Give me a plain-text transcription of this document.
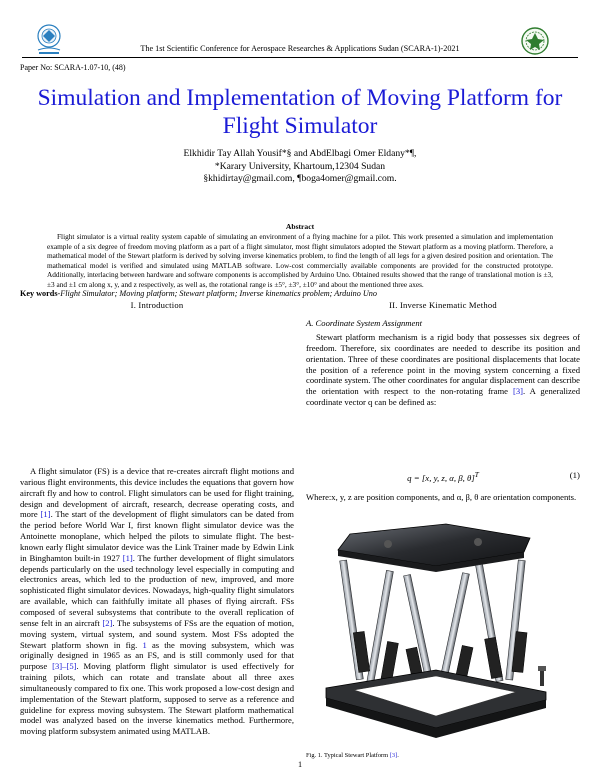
The 1st Scientific Conference for Aerospace Researches & Applications Sudan (SCARA-1)-2021
Paper No: SCARA-1.07-10, (48)
Simulation and Implementation of Moving Platform for Flight Simulator
Elkhidir Tay Allah Yousif*§ and AbdElbagi Omer Eldany*¶,
*Karary University, Khartoum,12304 Sudan
§khidirtay@gmail.com, ¶boga4omer@gmail.com.
Abstract
Flight simulator is a virtual reality system capable of simulating an environment of a flying machine for a pilot. This work presented a simulation and implementation example of a six degree of freedom moving platform as a part of a flight simulator, most flight simulators adopted the Stewart platform as a moving platform. Therefore, a mathematical model of the Stewart platform is derived by solving inverse kinematics problem, to find the length of all legs for a given desired position and orientation. The mathematical model is verified and simulated using MATLAB software. Low-cost commercially available components are provided for the constructed prototype. Additionally, interlacing between hardware and software components is accomplished by Arduino Uno. Obtained results showed that the range of translational motion is ±3, ±3 and ±1 cm along x, y, and z respectively, as well as, the rotational range is ±5°, ±3°, ±10° and about the mentioned three axes.
Key words-Flight Simulator; Moving platform; Stewart platform; Inverse kinematics problem; Arduino Uno
I. Introduction	II. Inverse Kinematic Method
A. Coordinate System Assignment
A flight simulator (FS) is a device that re-creates aircraft flight motions and various flight environments, this device includes the equations that govern how aircraft fly and how to control. Flight simulators can be used for flight training, design and development of aircraft, research, decrease operating costs, and more [1]. The start of the development of flight simulators can be dated from the period before World War I, first known flight simulator device was the Antoinette monoplane, which helped the pilots to simulate flight. The best-known early flight simulator device was the Link Trainer made by Edwin Link in Binghamton built-in 1927 [1]. The further development of flight simulators depends particularly on the used technology level especially in computing and electronics areas, which led to the production of new, improved, and more sophisticated flight simulator devices. Nowadays, high-quality flight simulators are available, which can faithfully imitate all phases of flying aircraft. FSs composed of several subsystems that contribute to the overall replication of sense felt in an aircraft [2]. The subsystems of FSs are the equation of motion, moving system, virtual system, and sound system. Most FSs adopted the Stewart platform shown in fig. 1 as the moving subsystem, which was originally designed in 1965 as an FS, and is still commonly used for that purpose [3]–[5]. Moving platform flight simulator is used effectively for training pilots, which can rotate and translate about all three axes simultaneously compared to fix one. This work proposed a low-cost design and implementation of the Stewart platform, supposed to serve as a reference and guideline for express moving subsystem. The Stewart platform mathematical model was analyzed based on the inverse kinematics method. Furthermore, moving platform subsystem animated using MATLAB.
Stewart platform mechanism is a rigid body that possesses six degrees of freedom. Therefore, six coordinates are needed to describe its position and orientation. Three of these coordinates are positional displacements that locate the position of a reference point in the moving system concerning a fixed coordinate system. The other coordinates for angular displacement can describe the orientation with respect to the non-rotating frame [3]. A generalized coordinate vector q can be defined as:
q = [x, y, z, α, β, θ]$^T$	(1)
Where:x, y, z are position components, and α, β, θ are orientation components.
Fig. 1. Typical Stewart Platform [3].
1
